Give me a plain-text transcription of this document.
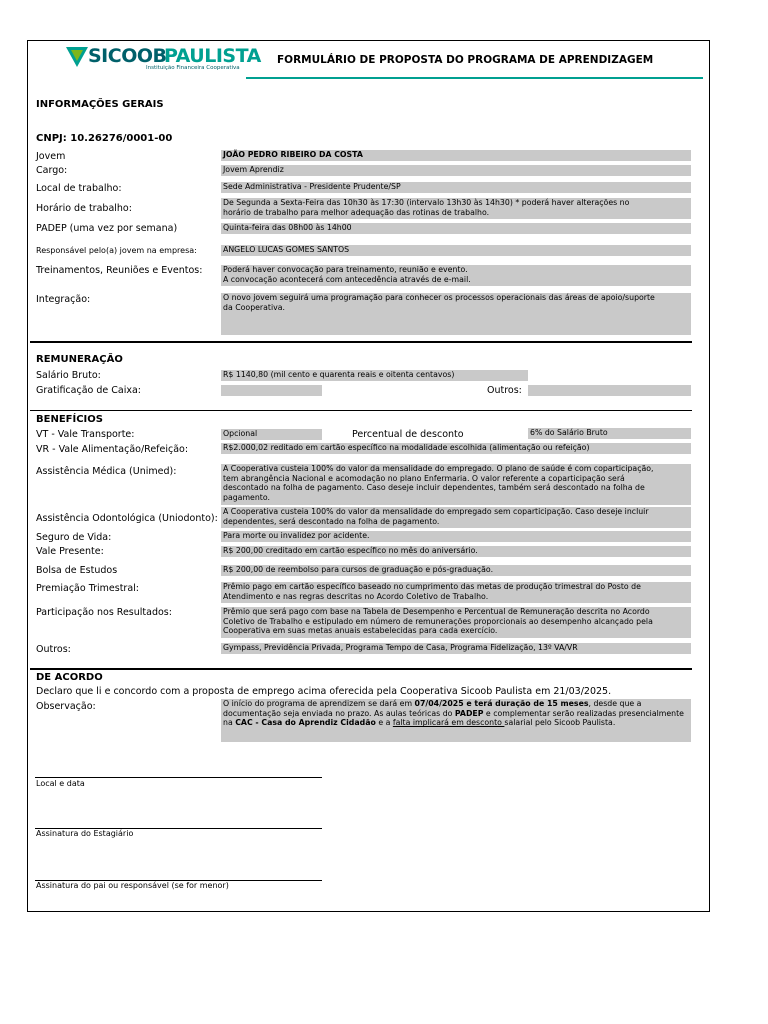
SICOOB
PAULISTA
Instituição Financeira Cooperativa
FORMULÁRIO DE PROPOSTA DO PROGRAMA DE APRENDIZAGEM
INFORMAÇÕES GERAIS
CNPJ: 10.26276/0001-00
Jovem	JOÃO PEDRO RIBEIRO DA COSTA
Cargo:	Jovem Aprendiz
Local de trabalho:	Sede Administrativa - Presidente Prudente/SP
Horário de trabalho:
De Segunda a Sexta-Feira das 10h30 às 17:30 (intervalo 13h30 às 14h30) * poderá haver alterações no
horário de trabalho para melhor adequação das rotinas de trabalho.
PADEP (uma vez por semana)	Quinta-feira das 08h00 às 14h00
Responsável pelo(a) jovem na empresa:	ANGELO LUCAS GOMES SANTOS
Treinamentos, Reuniões e Eventos:	Poderá haver convocação para treinamento, reunião e evento.
A convocação acontecerá com antecedência através de e-mail.
Integração:	O novo jovem seguirá uma programação para conhecer os processos operacionais das áreas de apoio/suporte
da Cooperativa.
REMUNERAÇÃO
Salário Bruto:	R$ 1140,80 (mil cento e quarenta reais e oitenta centavos)
Gratificação de Caixa:	Outros:
BENEFÍCIOS
VT - Vale Transporte:	Opcional	Percentual de desconto	6% do Salário Bruto
VR - Vale Alimentação/Refeição:	R$2.000,02 reditado em cartão específico na modalidade escolhida (alimentação ou refeição)
Assistência Médica (Unimed):	A Cooperativa custeia 100% do valor da mensalidade do empregado. O plano de saúde é com coparticipação,
tem abrangência Nacional e acomodação no plano Enfermaria. O valor referente a coparticipação será
descontado na folha de pagamento. Caso deseje incluir dependentes, também será descontado na folha de
pagamento.
Assistência Odontológica (Uniodonto):
A Cooperativa custeia 100% do valor da mensalidade do empregado sem coparticipação. Caso deseje incluir
dependentes, será descontado na folha de pagamento.
Seguro de Vida:	Para morte ou invalidez por acidente.
Vale Presente:	R$ 200,00 creditado em cartão específico no mês do aniversário.
Bolsa de Estudos	R$ 200,00 de reembolso para cursos de graduação e pós-graduação.
Premiação Trimestral:	Prêmio pago em cartão específico baseado no cumprimento das metas de produção trimestral do Posto de
Atendimento e nas regras descritas no Acordo Coletivo de Trabalho.
Participação nos Resultados:	Prêmio que será pago com base na Tabela de Desempenho e Percentual de Remuneração descrita no Acordo
Coletivo de Trabalho e estipulado em número de remunerações proporcionais ao desempenho alcançado pela
Cooperativa em suas metas anuais estabelecidas para cada exercício.
Outros:	Gympass, Previdência Privada, Programa Tempo de Casa, Programa Fidelização, 13º VA/VR
DE ACORDO
Declaro que li e concordo com a proposta de emprego acima oferecida pela Cooperativa Sicoob Paulista em 21/03/2025.
Observação:	O início do programa de aprendizem se dará em 07/04/2025 e terá duração de 15 meses, desde que a documentação seja enviada no prazo. As aulas teóricas do PADEP e complementar serão realizadas presencialmente na CAC - Casa do Aprendiz Cidadão e a falta implicará em desconto salarial pelo Sicoob Paulista.
Local e data
Assinatura do Estagiário
Assinatura do pai ou responsável (se for menor)
